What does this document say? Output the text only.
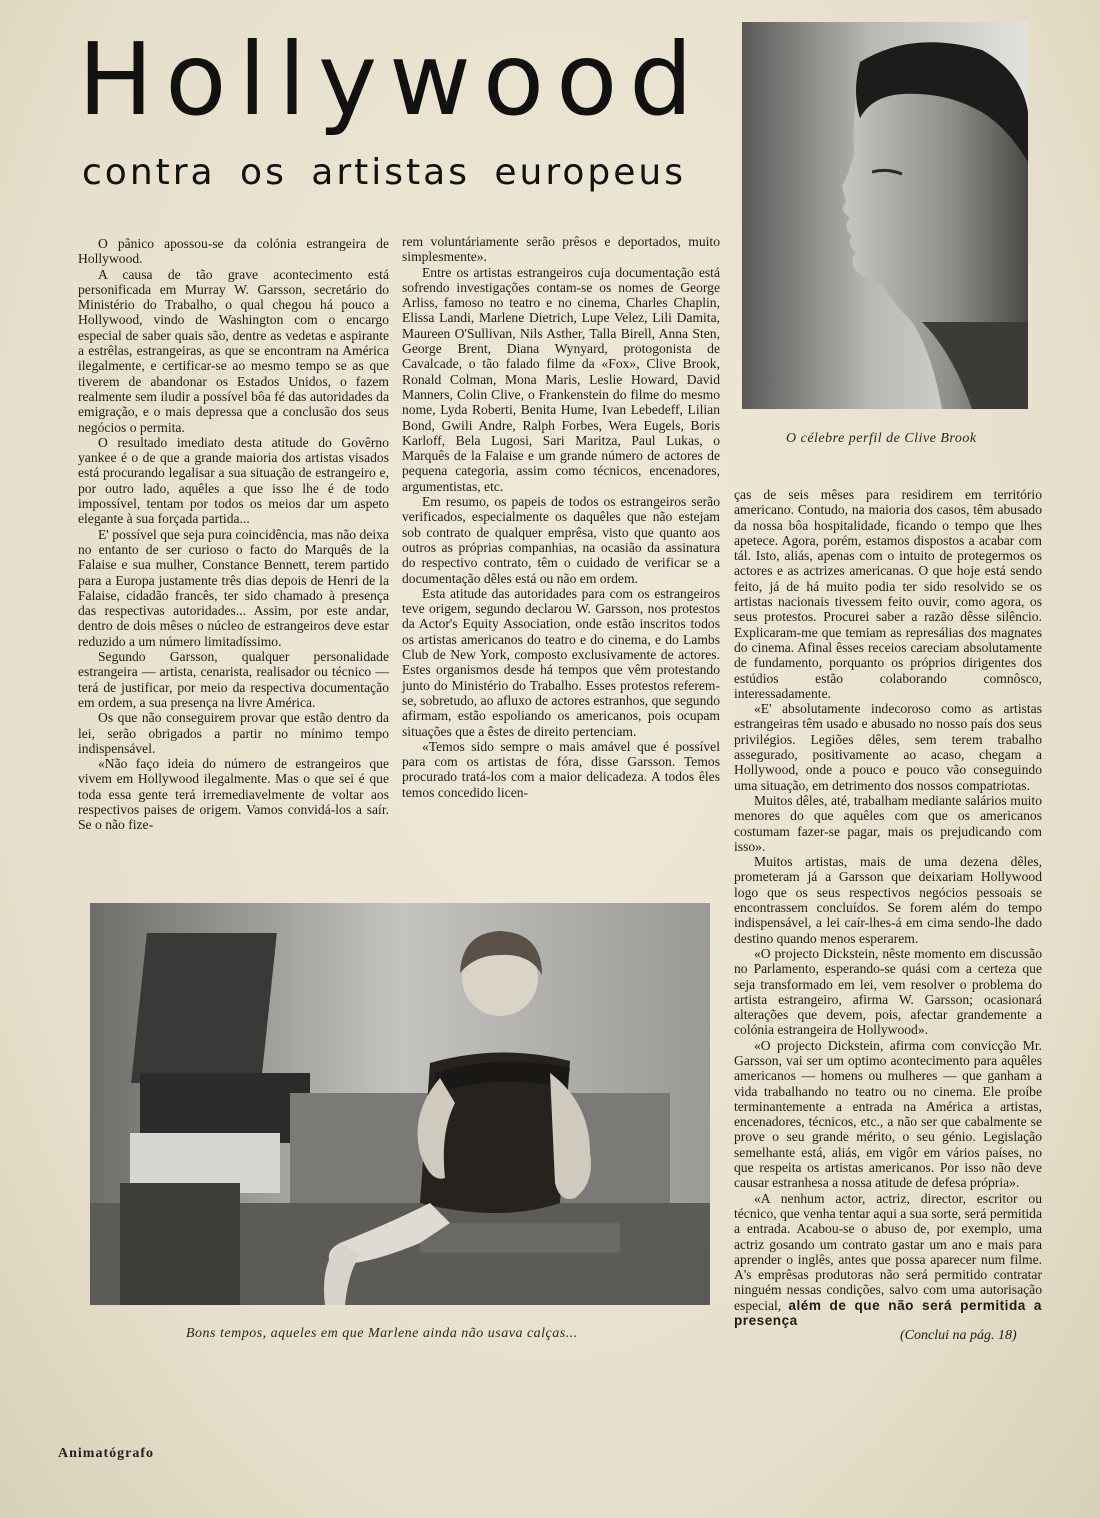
Hollywood
contra os artistas europeus
O célebre perfil de Clive Brook

O pânico apossou-se da colónia estrangeira de Hollywood.

A causa de tão grave acontecimento está personificada em Murray W. Garsson, secretário do Ministério do Trabalho, o qual chegou há pouco a Hollywood, vindo de Washington com o encargo especial de saber quais são, dentre as vedetas e aspirante a estrêlas, estrangeiras, as que se encontram na América ilegalmente, e certificar-se ao mesmo tempo se as que tiverem de abandonar os Estados Unidos, o fazem realmente sem iludir a possível bôa fé das autoridades da emigração, e o mais depressa que a conclusão dos seus negócios o permita.

O resultado imediato desta atitude do Govêrno yankee é o de que a grande maioria dos artistas visados está procurando legalisar a sua situação de estrangeiro e, por outro lado, aquêles a que isso lhe é de todo impossível, tentam por todos os meios dar um aspeto elegante à sua forçada partida...

E' possível que seja pura coincidência, mas não deixa no entanto de ser curioso o facto do Marquês de la Falaise e sua mulher, Constance Bennett, terem partido para a Europa justamente três dias depois de Henri de la Falaise, cidadão francês, ter sido chamado à presença das respectivas autoridades... Assim, por este andar, dentro de dois mêses o núcleo de estrangeiros deve estar reduzido a um número limitadíssimo.

Segundo Garsson, qualquer personalidade estrangeira — artista, cenarista, realisador ou técnico — terá de justificar, por meio da respectiva documentação em ordem, a sua presença na livre América.

Os que não conseguirem provar que estão dentro da lei, serão obrigados a partir no mínimo tempo indispensável.

«Não faço ideia do número de estrangeiros que vivem em Hollywood ilegalmente. Mas o que sei é que toda essa gente terá irremediavelmente de voltar aos respectivos paises de origem. Vamos convidá-los a saír. Se o não fize-

rem voluntáriamente serão prêsos e deportados, muito simplesmente».

Entre os artistas estrangeiros cuja documentação está sofrendo investigações contam-se os nomes de George Arliss, famoso no teatro e no cinema, Charles Chaplin, Elissa Landi, Marlene Dietrich, Lupe Velez, Lili Damita, Maureen O'Sullivan, Nils Asther, Talla Birell, Anna Sten, George Brent, Diana Wynyard, protogonista de Cavalcade, o tão falado filme da «Fox», Clive Brook, Ronald Colman, Mona Maris, Leslie Howard, David Manners, Colin Clive, o Frankenstein do filme do mesmo nome, Lyda Roberti, Benita Hume, Ivan Lebedeff, Lilian Bond, Gwili Andre, Ralph Forbes, Wera Eugels, Boris Karloff, Bela Lugosi, Sari Maritza, Paul Lukas, o Marquês de la Falaise e um grande número de actores de pequena categoria, assim como técnicos, encenadores, argumentistas, etc.

Em resumo, os papeis de todos os estrangeiros serão verificados, especialmente os daquêles que não estejam sob contrato de qualquer emprêsa, visto que quanto aos outros as próprias companhias, na ocasião da assinatura do respectivo contrato, têm o cuidado de verificar se a documentação dêles está ou não em ordem.

Esta atitude das autoridades para com os estrangeiros teve origem, segundo declarou W. Garsson, nos protestos da Actor's Equity Association, onde estão inscritos todos os artistas americanos do teatro e do cinema, e do Lambs Club de New York, composto exclusivamente de actores. Estes organismos desde há tempos que vêm protestando junto do Ministério do Trabalho. Esses protestos referem-se, sobretudo, ao afluxo de actores estranhos, que segundo afirmam, estão espoliando os americanos, pois ocupam situações que a êstes de direito pertenciam.

«Temos sido sempre o mais amável que é possível para com os artistas de fóra, disse Garsson. Temos procurado tratá-los com a maior delicadeza. A todos êles temos concedido licen-

ças de seis mêses para residirem em território americano. Contudo, na maioria dos casos, têm abusado da nossa bôa hospitalidade, ficando o tempo que lhes apetece. Agora, porém, estamos dispostos a acabar com tál. Isto, aliás, apenas com o intuito de protegermos os actores e as actrizes americanas. O que hoje está sendo feito, já de há muito podia ter sido resolvido se os artistas nacionais tivessem feito ouvir, como agora, os seus protestos. Procurei saber a razão dêsse silêncio. Explicaram-me que temiam as represálias dos magnates do cinema. Afinal êsses receios careciam absolutamente de fundamento, porquanto os próprios dirigentes dos estúdios estão colaborando comnôsco, interessadamente.

«E' absolutamente indecoroso como as artistas estrangeiras têm usado e abusado no nosso país dos seus privilégios. Legiões dêles, sem terem trabalho assegurado, positivamente ao acaso, chegam a Hollywood, onde a pouco e pouco vão conseguindo uma situação, em detrimento dos nossos compatriotas.

Muitos dêles, até, trabalham mediante salários muito menores do que aquêles com que os americanos costumam fazer-se pagar, mais os prejudicando com isso».

Muitos artistas, mais de uma dezena dêles, prometeram já a Garsson que deixariam Hollywood logo que os seus respectivos negócios pessoais se encontrassem concluídos. Se forem além do tempo indispensável, a lei caír-lhes-á em cima sendo-lhe dado destino quando menos esperarem.

«O projecto Dickstein, nêste momento em discussão no Parlamento, esperando-se quási com a certeza que seja transformado em lei, vem resolver o problema do artista estrangeiro, afirma W. Garsson; ocasionará alterações que devem, pois, afectar grandemente a colónia estrangeira de Hollywood».

«O projecto Dickstein, afirma com convicção Mr. Garsson, vai ser um optimo acontecimento para aquêles americanos — homens ou mulheres — que ganham a vida trabalhando no teatro ou no cinema. Ele proíbe terminantemente a entrada na América a artistas, encenadores, técnicos, etc., a não ser que cabalmente se prove o seu grande mérito, o seu génio. Legislação semelhante está, aliás, em vigôr em vários países, no que respeita os artistas americanos. Por isso não deve causar estranhesa a nossa atitude de defesa própria».

«A nenhum actor, actriz, director, escritor ou técnico, que venha tentar aqui a sua sorte, será permitida a entrada. Acabou-se o abuso de, por exemplo, uma actriz gosando um contrato gastar um ano e mais para aprender o inglês, antes que possa aparecer num filme. A's emprêsas produtoras não será permitido contratar ninguém nessas condições, salvo com uma autorisação especial, além de que não será permitida a presença

Bons tempos, aqueles em que Marlene ainda não usava calças...	(Conclui na pág. 18)
Animatógrafo
